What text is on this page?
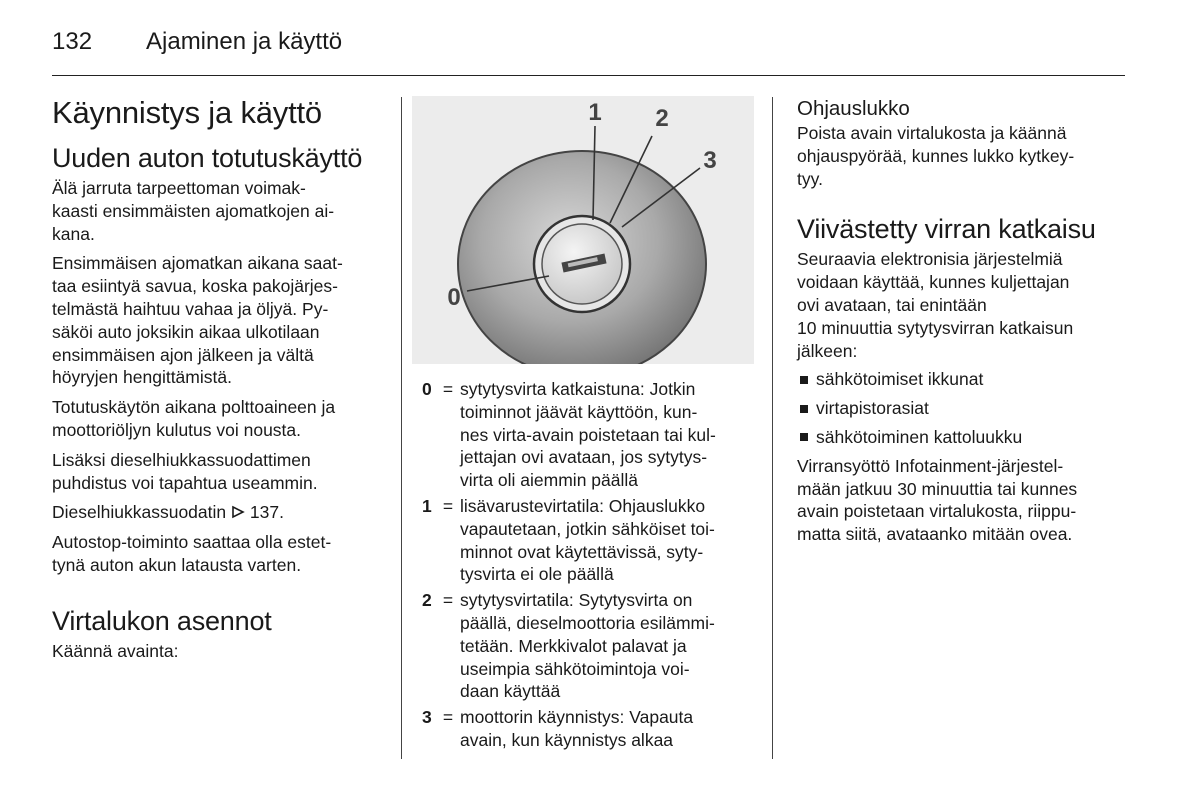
132 Ajaminen ja käyttö
Käynnistys ja käyttö
Uuden auton totutuskäyttö

Älä jarruta tarpeettoman voimak-
kaasti ensimmäisten ajomatkojen ai-
kana.

Ensimmäisen ajomatkan aikana saat-
taa esiintyä savua, koska pakojärjes-
telmästä haihtuu vahaa ja öljyä. Py-
säköi auto joksikin aikaa ulkotilaan
ensimmäisen ajon jälkeen ja vältä
höyryjen hengittämistä.

Totutuskäytön aikana polttoaineen ja
moottoriöljyn kulutus voi nousta.

Lisäksi dieselhiukkassuodattimen
puhdistus voi tapahtua useammin.

Dieselhiukkassuodatin  137.

Autostop-toiminto saattaa olla estet-
tynä auton akun latausta varten.

Virtalukon asennot

Käännä avainta:

1 2
3
0
0 = sytytysvirta katkaistuna: Jotkin
toiminnot jäävät käyttöön, kun-
nes virta-avain poistetaan tai kul-
jettajan ovi avataan, jos sytytys-
virta oli aiemmin päällä
1 = lisävarustevirtatila: Ohjauslukko
vapautetaan, jotkin sähköiset toi-
minnot ovat käytettävissä, syty-
tysvirta ei ole päällä
2 = sytytysvirtatila: Sytytysvirta on
päällä, dieselmoottoria esilämmi-
tetään. Merkkivalot palavat ja
useimpia sähkötoimintoja voi-
daan käyttää
3 = moottorin käynnistys: Vapauta
avain, kun käynnistys alkaa
Ohjauslukko

Poista avain virtalukosta ja käännä
ohjauspyörää, kunnes lukko kytkey-
tyy.

Viivästetty virran katkaisu

Seuraavia elektronisia järjestelmiä
voidaan käyttää, kunnes kuljettajan
ovi avataan, tai enintään
10 minuuttia sytytysvirran katkaisun
jälkeen:

sähkötoimiset ikkunat
virtapistorasiat
sähkötoiminen kattoluukku

Virransyöttö Infotainment-järjestel-
mään jatkuu 30 minuuttia tai kunnes
avain poistetaan virtalukosta, riippu-
matta siitä, avataanko mitään ovea.
